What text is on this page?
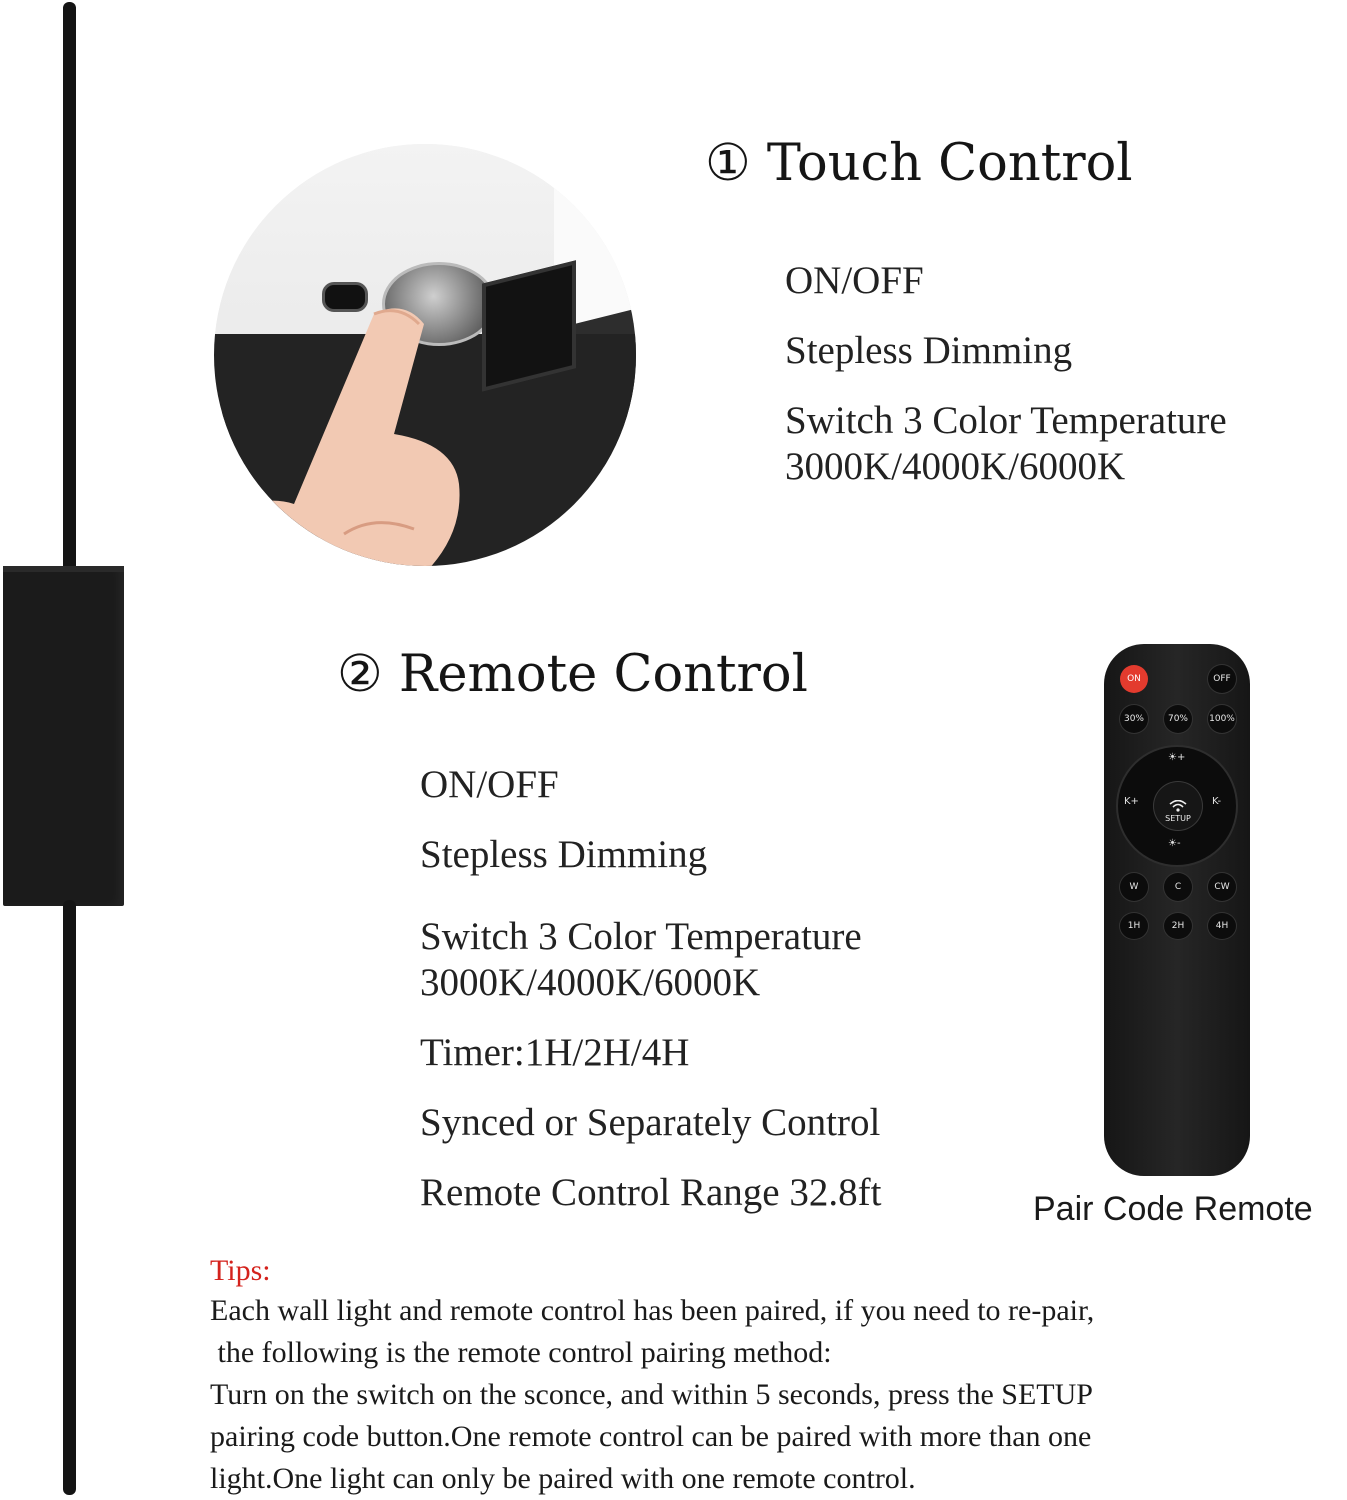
① Touch Control
ON/OFF
Stepless Dimming
Switch 3 Color Temperature
3000K/4000K/6000K
② Remote Control
ON/OFF
Stepless Dimming
Switch 3 Color Temperature
3000K/4000K/6000K
Timer:1H/2H/4H
Synced or Separately Control
Remote Control Range 32.8ft
ON	OFF
30%	70%	100%
☀+
☀-
K+	K-
SETUP
W	C	CW
1H	2H	4H
Pair Code Remote
Tips:
Each wall light and remote control has been paired, if you need to re-pair,
the following is the remote control pairing method:
Turn on the switch on the sconce, and within 5 seconds, press the SETUP
pairing code button.One remote control can be paired with more than one
light.One light can only be paired with one remote control.
